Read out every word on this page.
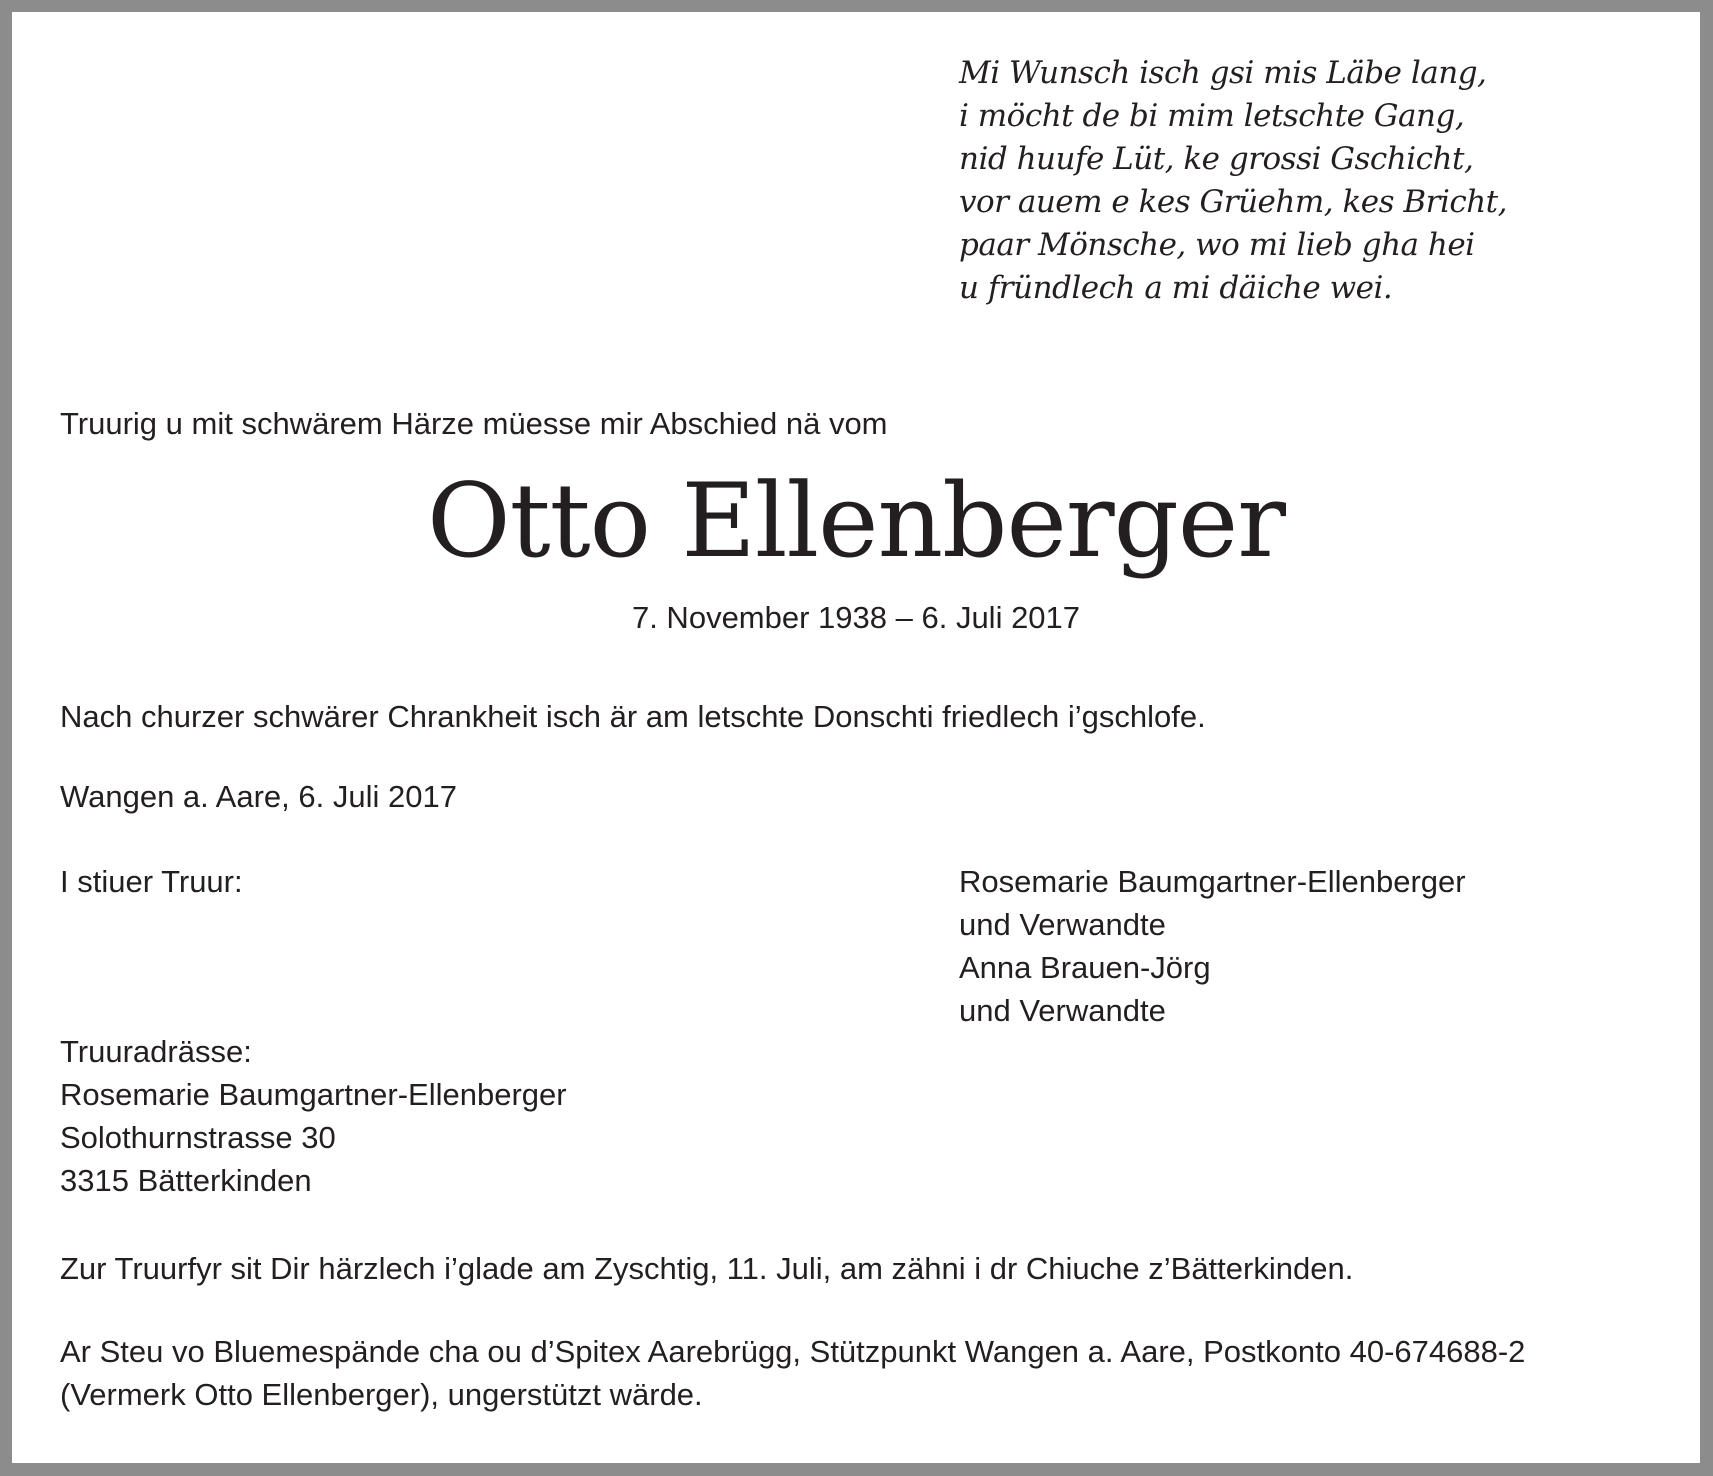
Mi Wunsch isch gsi mis Läbe lang,
i möcht de bi mim letschte Gang,
nid huufe Lüt, ke grossi Gschicht,
vor auem e kes Grüehm, kes Bricht,
paar Mönsche, wo mi lieb gha hei
u fründlech a mi däiche wei.
Truurig u mit schwärem Härze müesse mir Abschied nä vom
Otto Ellenberger
7. November 1938 – 6. Juli 2017
Nach churzer schwärer Chrankheit isch är am letschte Donschti friedlech i’gschlofe.
Wangen a. Aare, 6. Juli 2017
I stiuer Truur:	Rosemarie Baumgartner-Ellenberger
und Verwandte
Anna Brauen-Jörg
und Verwandte
Truuradrässe:
Rosemarie Baumgartner-Ellenberger
Solothurnstrasse 30
3315 Bätterkinden
Zur Truurfyr sit Dir härzlech i’glade am Zyschtig, 11. Juli, am zähni i dr Chiuche z’Bätterkinden.
Ar Steu vo Bluemespände cha ou d’Spitex Aarebrügg, Stützpunkt Wangen a. Aare, Postkonto 40-674688-2
(Vermerk Otto Ellenberger), ungerstützt wärde.
